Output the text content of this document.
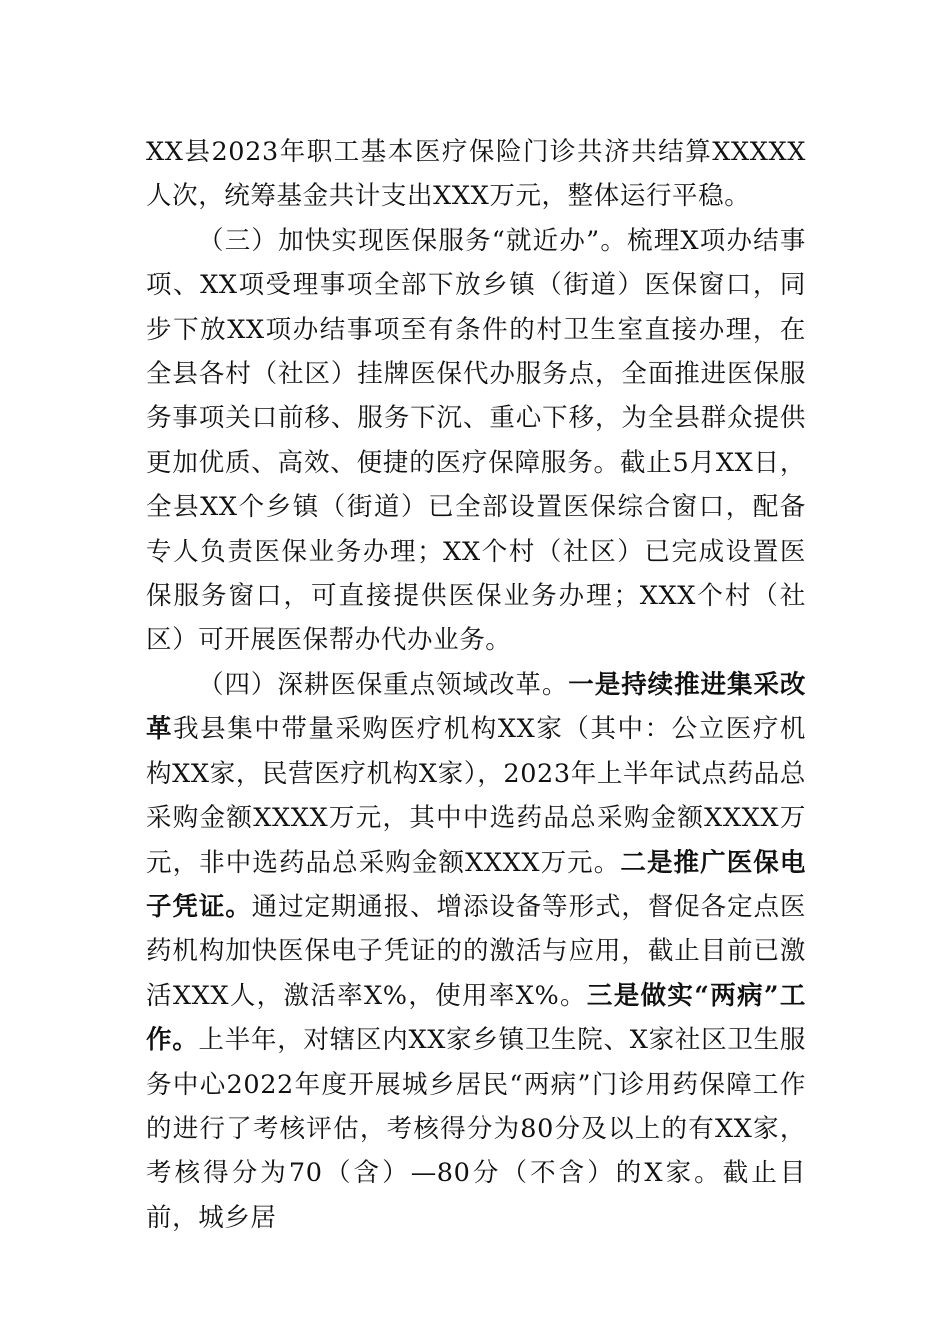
XX县2023年职工基本医疗保险门诊共济共结算XXXXX人次，统筹基金共计支出XXX万元，整体运行平稳。

（三）加快实现医保服务“就近办”。梳理X项办结事项、XX项受理事项全部下放乡镇（街道）医保窗口，同步下放XX项办结事项至有条件的村卫生室直接办理，在全县各村（社区）挂牌医保代办服务点，全面推进医保服务事项关口前移、服务下沉、重心下移，为全县群众提供更加优质、高效、便捷的医疗保障服务。截止5月XX日，全县XX个乡镇（街道）已全部设置医保综合窗口，配备专人负责医保业务办理；XX个村（社区）已完成设置医保服务窗口，可直接提供医保业务办理；XXX个村（社区）可开展医保帮办代办业务。

（四）深耕医保重点领域改革。一是持续推进集采改革我县集中带量采购医疗机构XX家（其中：公立医疗机构XX家，民营医疗机构X家），2023年上半年试点药品总采购金额XXXX万元，其中中选药品总采购金额XXXX万元，非中选药品总采购金额XXXX万元。二是推广医保电子凭证。通过定期通报、增添设备等形式，督促各定点医药机构加快医保电子凭证的的激活与应用，截止目前已激活XXX人，激活率X%，使用率X%。三是做实“两病”工作。上半年，对辖区内XX家乡镇卫生院、X家社区卫生服务中心2022年度开展城乡居民“两病”门诊用药保障工作的进行了考核评估，考核得分为80分及以上的有XX家，考核得分为70（含）—80分（不含）的X家。截止目前，城乡居
